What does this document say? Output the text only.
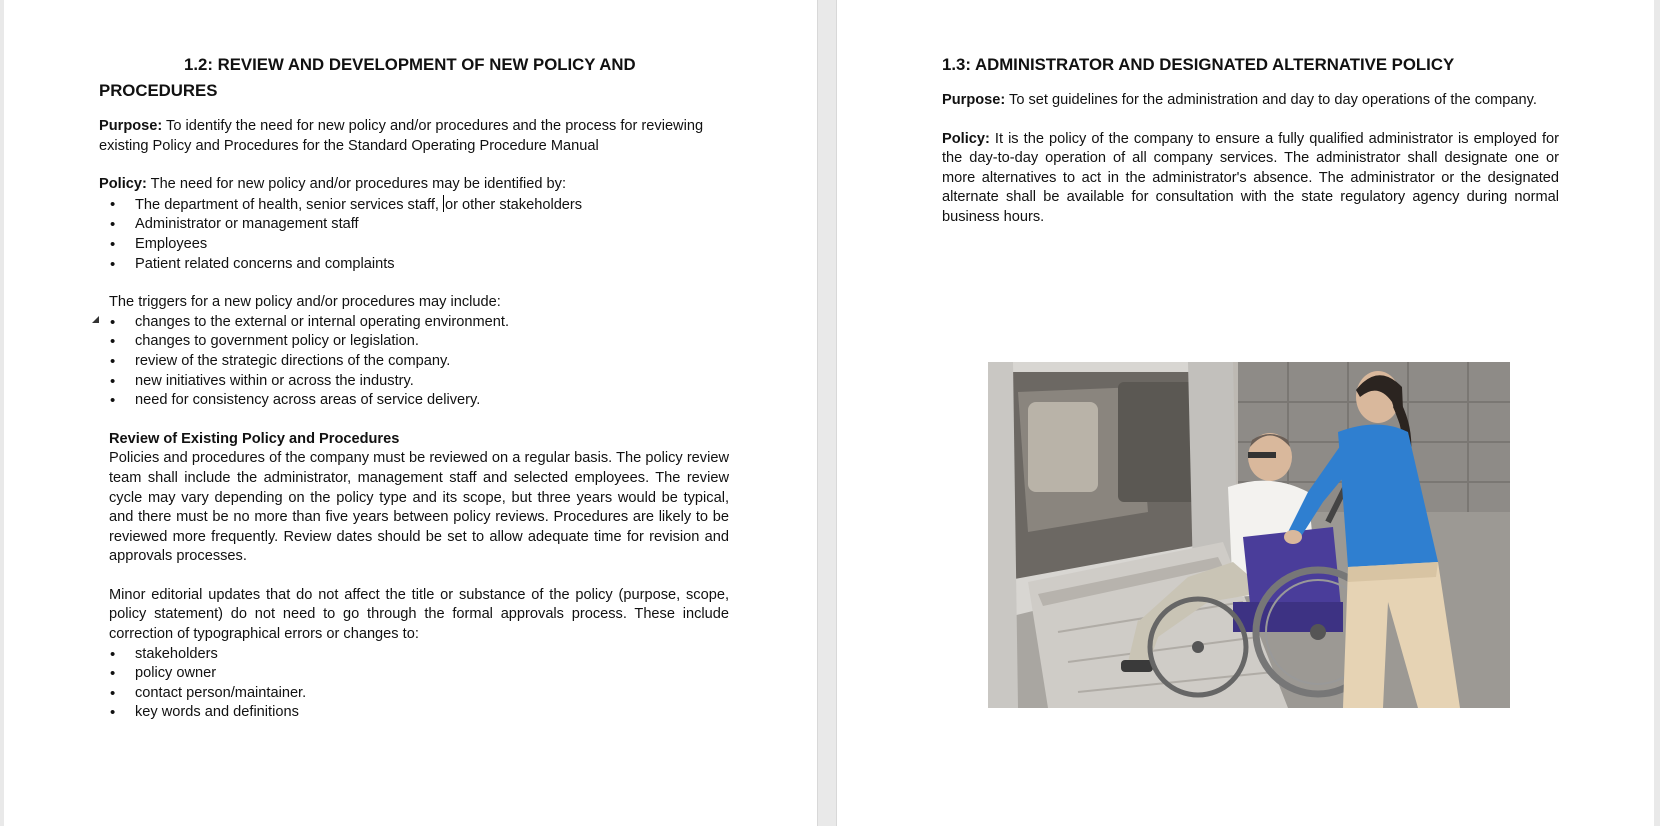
1.2: REVIEW AND DEVELOPMENT OF NEW POLICY AND PROCEDURES

Purpose: To identify the need for new policy and/or procedures and the process for reviewing existing Policy and Procedures for the Standard Operating Procedure Manual

Policy: The need for new policy and/or procedures may be identified by:

• The department of health, senior services staff, or other stakeholders
• Administrator or management staff
• Employees
• Patient related concerns and complaints

The triggers for a new policy and/or procedures may include:

• changes to the external or internal operating environment.
• changes to government policy or legislation.
• review of the strategic directions of the company.
• new initiatives within or across the industry.
• need for consistency across areas of service delivery.

Review of Existing Policy and Procedures

Policies and procedures of the company must be reviewed on a regular basis. The policy review team shall include the administrator, management staff and selected employees. The review cycle may vary depending on the policy type and its scope, but three years would be typical, and there must be no more than five years between policy reviews. Procedures are likely to be reviewed more frequently. Review dates should be set to allow adequate time for revision and approvals processes.

Minor editorial updates that do not affect the title or substance of the policy (purpose, scope, policy statement) do not need to go through the formal approvals process. These include correction of typographical errors or changes to:

• stakeholders
• policy owner
• contact person/maintainer.
• key words and definitions
1.3: ADMINISTRATOR AND DESIGNATED ALTERNATIVE POLICY

Purpose: To set guidelines for the administration and day to day operations of the company.

Policy: It is the policy of the company to ensure a fully qualified administrator is employed for the day-to-day operation of all company services. The administrator shall designate one or more alternatives to act in the administrator's absence. The administrator or the designated alternate shall be available for consultation with the state regulatory agency during normal business hours.
